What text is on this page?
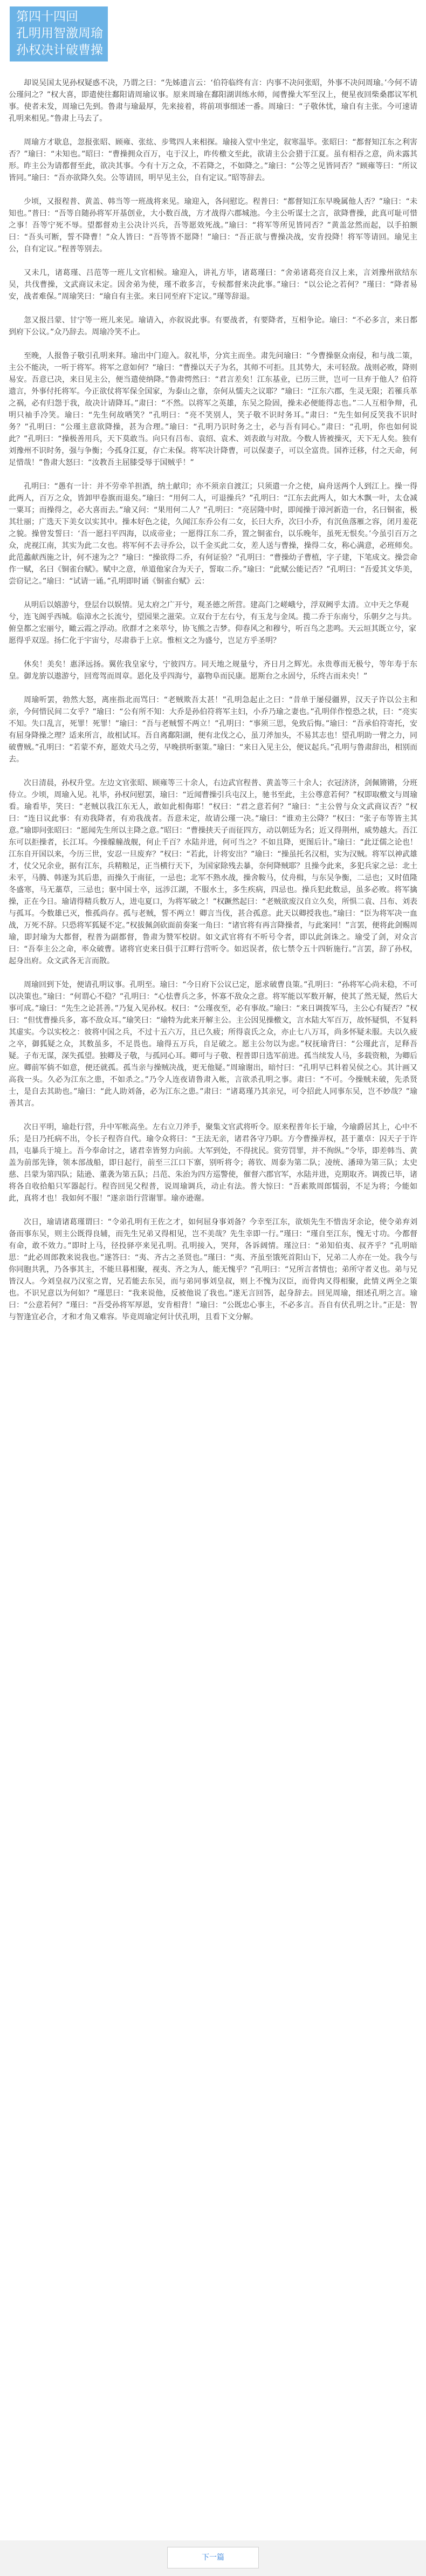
第四十四回
孔明用智激周瑜
孙权决计破曹操

却说吴国太见孙权疑惑不决，乃谓之曰：“先姊遗言云：‘伯符临终有言：内事不决问张昭，外事不决问周瑜。’今何不请公瑾问之？”权大喜，即遣使往鄱阳请周瑜议事。原来周瑜在鄱阳湖训练水师，闻曹操大军至汉上，便星夜回柴桑郡议军机事。使者未发，周瑜已先到。鲁肃与瑜最厚，先来接着，将前项事细述一番。周瑜曰：“子敬休忧，瑜自有主张。今可速请孔明来相见。”鲁肃上马去了。

周瑜方才歇息，忽报张昭、顾雍、张纮、步骘四人来相探。瑜接入堂中坐定，叙寒温毕。张昭曰：“都督知江东之利害否？”瑜曰：“未知也。”昭曰：“曹操拥众百万，屯于汉上，昨传檄文至此，欲请主公会猎于江夏。虽有相吞之意，尚未露其形。昨主公为请都督至此，欲决其事。今有十万之众，不若降之，不如降之。”瑜曰：“公等之见皆同否？”顾雍等曰：“所议皆同。”瑜曰：“吾亦欲降久矣。公等请回，明早见主公，自有定议。”昭等辞去。

少顷，又报程普、黄盖、韩当等一班战将来见。瑜迎入，各问慰讫。程普曰：“都督知江东早晚属他人否？”瑜曰：“未知也。”普曰：“吾等自随孙将军开基创业，大小数百战，方才战得六郡城池。今主公听谋士之言，欲降曹操，此真可耻可惜之事！吾等宁死不辱。望都督劝主公决计兴兵，吾等愿效死战。”瑜曰：“将军等所见皆同否？”黄盖忿然而起，以手拍额曰：“吾头可断，誓不降曹！”众人皆曰：“吾等皆不愿降！”瑜曰：“吾正欲与曹操决战，安肯投降！将军等请回。瑜见主公，自有定议。”程普等别去。

又未几，诸葛瑾、吕范等一班儿文官相候。瑜迎入，讲礼方毕，诸葛瑾曰：“舍弟诸葛亮自汉上来，言刘豫州欲结东吴，共伐曹操，文武商议未定。因舍弟为使，瑾不敢多言，专候都督来决此事。”瑜曰：“以公论之若何？”瑾曰：“降者易安，战者难保。”周瑜笑曰：“瑜自有主张。来日同至府下定议。”瑾等辞退。

忽又报吕蒙、甘宁等一班儿来见。瑜请入，亦叙说此事。有要战者，有要降者，互相争论。瑜曰：“不必多言，来日都到府下公议。”众乃辞去。周瑜冷笑不止。

至晚，人报鲁子敬引孔明来拜。瑜出中门迎入。叙礼毕，分宾主而坐。肃先问瑜曰：“今曹操驱众南侵，和与战二策，主公不能决，一听于将军。将军之意如何？”瑜曰：“曹操以天子为名，其师不可拒。且其势大，未可轻敌。战则必败，降则易安。吾意已决，来日见主公，便当遣使纳降。”鲁肃愕然曰：“君言差矣！江东基业，已历三世，岂可一旦弃于他人？伯符遗言，外事付托将军。今正欲仗将军保全国家，为泰山之靠，奈何从懦夫之议耶？”瑜曰：“江东六郡，生灵无限；若罹兵革之祸，必有归怨于我，故决计请降耳。”肃曰：“不然。以将军之英雄，东吴之险固，操未必便能得志也。”二人互相争辩，孔明只袖手冷笑。瑜曰：“先生何故哂笑？”孔明曰：“亮不笑别人，笑子敬不识时务耳。”肃曰：“先生如何反笑我不识时务？”孔明曰：“公瑾主意欲降操，甚为合理。”瑜曰：“孔明乃识时务之士，必与吾有同心。”肃曰：“孔明，你也如何说此？”孔明曰：“操极善用兵，天下莫敢当。向只有吕布、袁绍、袁术、刘表敢与对敌。今数人皆被操灭，天下无人矣。独有刘豫州不识时务，强与争衡；今孤身江夏，存亡未保。将军决计降曹，可以保妻子，可以全富贵。国祚迁移，付之天命，何足惜哉！”鲁肃大怒曰：“汝教吾主屈膝受辱于国贼乎！”

孔明曰：“愚有一计：并不劳牵羊担酒，纳土献印；亦不须亲自渡江；只须遣一介之使，扁舟送两个人到江上。操一得此两人，百万之众，皆卸甲卷旗而退矣。”瑜曰：“用何二人，可退操兵？”孔明曰：“江东去此两人，如大木飘一叶，太仓减一粟耳；而操得之，必大喜而去。”瑜又问：“果用何二人？”孔明曰：“亮居隆中时，即闻操于漳河新造一台，名曰铜雀，极其壮丽；广选天下美女以实其中。操本好色之徒，久闻江东乔公有二女，长曰大乔，次曰小乔，有沉鱼落雁之容，闭月羞花之貌。操曾发誓曰：‘吾一愿扫平四海，以成帝业；一愿得江东二乔，置之铜雀台，以乐晚年，虽死无恨矣。’今虽引百万之众，虎视江南，其实为此二女也。将军何不去寻乔公，以千金买此二女，差人送与曹操，操得二女，称心满意，必班师矣。此范蠡献西施之计，何不速为之？”瑜曰：“操欲得二乔，有何证验？”孔明曰：“曹操幼子曹植，字子建，下笔成文。操尝命作一赋，名曰《铜雀台赋》。赋中之意，单道他家合为天子，誓取二乔。”瑜曰：“此赋公能记否？”孔明曰：“吾爱其文华美，尝窃记之。”瑜曰：“试请一诵。”孔明即时诵《铜雀台赋》云：

从明后以嬉游兮，登层台以娱情。见太府之广开兮，观圣德之所营。建高门之嵯峨兮，浮双阙乎太清。立中天之华观兮，连飞阁乎西城。临漳水之长流兮，望园果之滋荣。立双台于左右兮，有玉龙与金凤。揽二乔于东南兮，乐朝夕之与共。俯皇都之宏丽兮，瞰云霞之浮动。欣群才之来萃兮，协飞熊之吉梦。仰春风之和穆兮，听百鸟之悲鸣。天云垣其既立兮，家愿得乎双逞。扬仁化于宇宙兮，尽肃恭于上京。惟桓文之为盛兮，岂足方乎圣明？

休矣！美矣！惠泽远扬。翼佐我皇家兮，宁彼四方。同天地之规量兮，齐日月之辉光。永贵尊而无极兮，等年寿于东皇。御龙旂以遨游兮，回鸾驾而周章。恩化及乎四海兮，嘉物阜而民康。愿斯台之永固兮，乐终古而未央！”

周瑜听罢，勃然大怒，离座指北而骂曰：“老贼欺吾太甚！”孔明急起止之曰：“昔单于屡侵疆界，汉天子许以公主和亲，今何惜民间二女乎？”瑜曰：“公有所不知：大乔是孙伯符将军主妇，小乔乃瑜之妻也。”孔明佯作惶恐之状，曰：“亮实不知。失口乱言，死罪！死罪！”瑜曰：“吾与老贼誓不两立！”孔明曰：“事须三思，免致后悔。”瑜曰：“吾承伯符寄托，安有屈身降操之理？适来所言，故相试耳。吾自离鄱阳湖，便有北伐之心，虽刀斧加头，不易其志也！望孔明助一臂之力，同破曹贼。”孔明曰：“若蒙不弃，愿效犬马之劳，早晚拱听驱策。”瑜曰：“来日入见主公，便议起兵。”孔明与鲁肃辞出，相别而去。

次日清晨，孙权升堂。左边文官张昭、顾雍等三十余人，右边武官程普、黄盖等三十余人；衣冠济济，剑佩锵锵，分班侍立。少顷，周瑜入见。礼毕，孙权问慰罢，瑜曰：“近闻曹操引兵屯汉上，驰书至此，主公尊意若何？”权即取檄文与周瑜看。瑜看毕，笑曰：“老贼以我江东无人，敢如此相侮耶！”权曰：“君之意若何？”瑜曰：“主公曾与众文武商议否？”权曰：“连日议此事：有劝我降者，有劝我战者。吾意未定，故请公瑾一决。”瑜曰：“谁劝主公降？”权曰：“张子布等皆主其意。”瑜即问张昭曰：“愿闻先生所以主降之意。”昭曰：“曹操挟天子而征四方，动以朝廷为名；近又得荆州，威势越大。吾江东可以拒操者，长江耳。今操艨艟战舰，何止千百？水陆并进，何可当之？不如且降，更图后计。”瑜曰：“此迂儒之论也！江东自开国以来，今历三世，安忍一旦废弃？”权曰：“若此，计将安出？”瑜曰：“操虽托名汉相，实为汉贼。将军以神武雄才，仗父兄余业，据有江东，兵精粮足，正当横行天下，为国家除残去暴，奈何降贼耶？且操今此来，多犯兵家之忌：北土未平，马腾、韩遂为其后患，而操久于南征，一忌也；北军不熟水战，操舍鞍马，仗舟楫，与东吴争衡，二忌也；又时值隆冬盛寒，马无藁草，三忌也；驱中国士卒，远涉江湖，不服水土，多生疾病，四忌也。操兵犯此数忌，虽多必败。将军擒操，正在今日。瑜请得精兵数万人，进屯夏口，为将军破之！”权蹶然起曰：“老贼欲废汉自立久矣，所惧二袁、吕布、刘表与孤耳。今数雄已灭，惟孤尚存。孤与老贼，誓不两立！卿言当伐，甚合孤意。此天以卿授我也。”瑜曰：“臣为将军决一血战，万死不辞。只恐将军狐疑不定。”权拔佩剑砍面前奏案一角曰：“诸官将有再言降操者，与此案同！”言罢，便将此剑赐周瑜，即封瑜为大都督，程普为副都督，鲁肃为赞军校尉。如文武官将有不听号令者，即以此剑诛之。瑜受了剑，对众言曰：“吾奉主公之命，率众破曹。诸将官吏来日俱于江畔行营听令。如迟误者，依七禁令五十四斩施行。”言罢，辞了孙权，起身出府。众文武各无言而散。

周瑜回到下处，便请孔明议事。孔明至。瑜曰：“今日府下公议已定，愿求破曹良策。”孔明曰：“孙将军心尚未稳，不可以决策也。”瑜曰：“何谓心不稳？”孔明曰：“心怯曹兵之多，怀寡不敌众之意。将军能以军数开解，使其了然无疑，然后大事可成。”瑜曰：“先生之论甚善。”乃复入见孙权。权曰：“公瑾夜至，必有事故。”瑜曰：“来日调拨军马，主公心有疑否？”权曰：“但忧曹操兵多，寡不敌众耳。”瑜笑曰：“瑜特为此来开解主公。主公因见操檄文，言水陆大军百万，故怀疑惧，不复料其虚实。今以实校之：彼将中国之兵，不过十五六万，且已久疲；所得袁氏之众，亦止七八万耳，尚多怀疑未服。夫以久疲之卒，御狐疑之众，其数虽多，不足畏也。瑜得五万兵，自足破之。愿主公勿以为虑。”权抚瑜背曰：“公瑾此言，足释吾疑。子布无谋，深失孤望。独卿及子敬，与孤同心耳。卿可与子敬、程普即日选军前进。孤当续发人马，多载资粮，为卿后应。卿前军倘不如意，便还就孤。孤当亲与操贼决战，更无他疑。”周瑜谢出，暗忖曰：“孔明早已料着吴侯之心。其计画又高我一头。久必为江东之患，不如杀之。”乃令人连夜请鲁肃入帐，言欲杀孔明之事。肃曰：“不可。今操贼未破，先杀贤士，是自去其助也。”瑜曰：“此人助刘备，必为江东之患。”肃曰：“诸葛瑾乃其亲兄，可令招此人同事东吴，岂不妙哉？”瑜善其言。

次日平明，瑜赴行营，升中军帐高坐。左右立刀斧手，聚集文官武将听令。原来程普年长于瑜，今瑜爵居其上，心中不乐；是日乃托病不出，令长子程咨自代。瑜令众将曰：“王法无亲，诸君各守乃职。方今曹操弄权，甚于董卓：囚天子于许昌，屯暴兵于境上。吾今奉命讨之，诸君幸皆努力向前。大军到处，不得扰民。赏劳罚罪，并不徇纵。”令毕，即差韩当、黄盖为前部先锋，领本部战船，即日起行，前至三江口下寨，别听将令；蒋钦、周泰为第二队；凌统、潘璋为第三队；太史慈、吕蒙为第四队；陆逊、董袭为第五队；吕范、朱治为四方巡警使，催督六郡官军，水陆并进，克期取齐。调拨已毕，诸将各自收拾船只军器起行。程咨回见父程普，说周瑜调兵，动止有法。普大惊曰：“吾素欺周郎懦弱，不足为将；今能如此，真将才也！我如何不服！”遂亲诣行营谢罪。瑜亦逊谢。

次日，瑜请诸葛瑾谓曰：“令弟孔明有王佐之才，如何屈身事刘备？今幸至江东，欲烦先生不惜齿牙余论，使令弟弃刘备而事东吴，则主公既得良辅，而先生兄弟又得相见，岂不美哉？先生幸即一行。”瑾曰：“瑾自至江东，愧无寸功。今都督有命，敢不效力。”即时上马，径投驿亭来见孔明。孔明接入，哭拜，各诉阔情。瑾泣曰：“弟知伯夷、叔齐乎？”孔明暗思：“此必周郎教来说我也。”遂答曰：“夷、齐古之圣贤也。”瑾曰：“夷、齐虽至饿死首阳山下，兄弟二人亦在一处。我今与你同胞共乳，乃各事其主，不能旦暮相聚，视夷、齐之为人，能无愧乎？”孔明曰：“兄所言者情也；弟所守者义也。弟与兄皆汉人。今刘皇叔乃汉室之胄，兄若能去东吴，而与弟同事刘皇叔，则上不愧为汉臣，而骨肉又得相聚，此情义两全之策也。不识兄意以为何如？”瑾思曰：“我来说他，反被他说了我也。”遂无言回答，起身辞去。回见周瑜，细述孔明之言。瑜曰：“公意若何？”瑾曰：“吾受孙将军厚恩，安肯相背！”瑜曰：“公既忠心事主，不必多言。吾自有伏孔明之计。”正是：智与智逢宜必合，才和才角又难容。毕竟周瑜定何计伏孔明，且看下文分解。

下一篇
